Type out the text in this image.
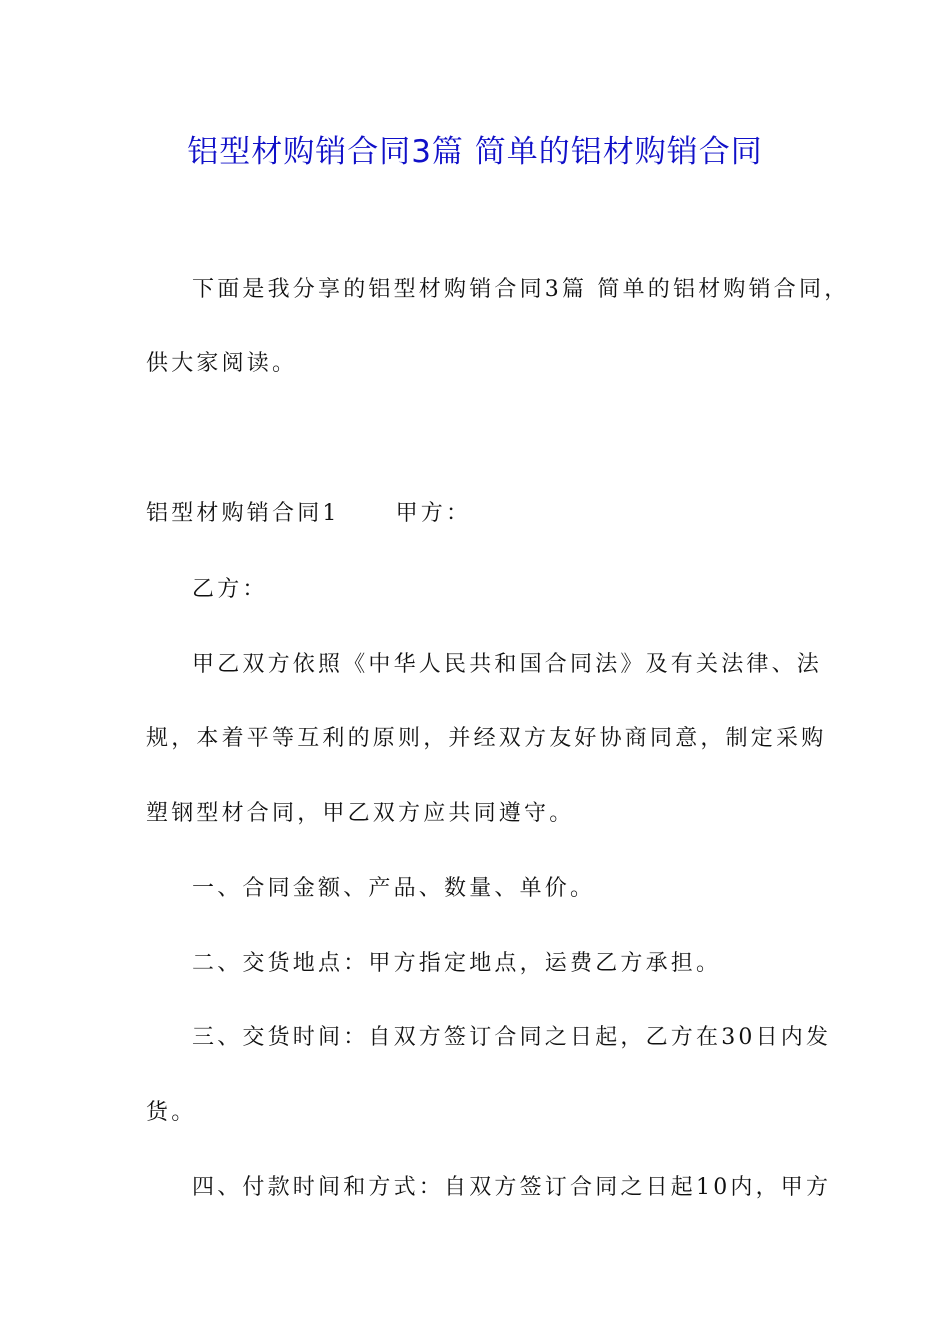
铝型材购销合同3篇 简单的铝材购销合同
下面是我分享的铝型材购销合同3篇 简单的铝材购销合同，
供大家阅读。
铝型材购销合同1	甲方：
乙方：
甲乙双方依照《中华人民共和国合同法》及有关法律、法
规，本着平等互利的原则，并经双方友好协商同意，制定采购
塑钢型材合同，甲乙双方应共同遵守。
一、合同金额、产品、数量、单价。
二、交货地点：甲方指定地点，运费乙方承担。
三、交货时间：自双方签订合同之日起，乙方在30日内发
货。
四、付款时间和方式：自双方签订合同之日起10内，甲方
